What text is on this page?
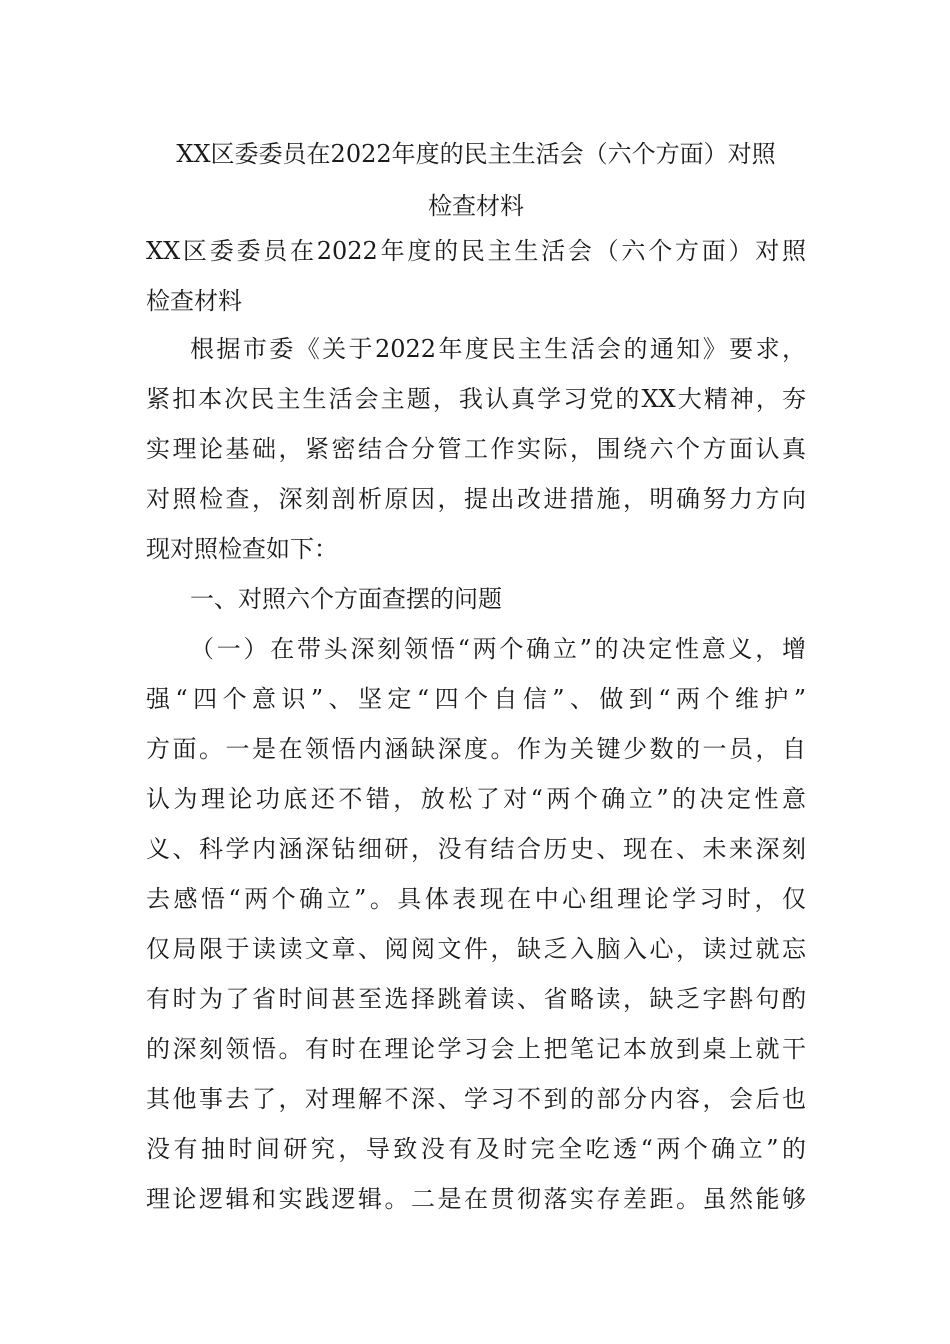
XX区委委员在2022年度的民主生活会（六个方面）对照
检查材料
XX区委委员在2022年度的民主生活会（六个方面）对照
检查材料
根据市委《关于2022年度民主生活会的通知》要求，
紧扣本次民主生活会主题，我认真学习党的XX大精神，夯
实理论基础，紧密结合分管工作实际，围绕六个方面认真
对照检查，深刻剖析原因，提出改进措施，明确努力方向
现对照检查如下：
一、对照六个方面查摆的问题
（一）在带头深刻领悟“两个确立”的决定性意义，增
强“四个意识”、坚定“四个自信”、做到“两个维护”
方面。一是在领悟内涵缺深度。作为关键少数的一员，自
认为理论功底还不错，放松了对“两个确立”的决定性意
义、科学内涵深钻细研，没有结合历史、现在、未来深刻
去感悟“两个确立”。具体表现在中心组理论学习时，仅
仅局限于读读文章、阅阅文件，缺乏入脑入心，读过就忘
有时为了省时间甚至选择跳着读、省略读，缺乏字斟句酌
的深刻领悟。有时在理论学习会上把笔记本放到桌上就干
其他事去了，对理解不深、学习不到的部分内容，会后也
没有抽时间研究，导致没有及时完全吃透“两个确立”的
理论逻辑和实践逻辑。二是在贯彻落实存差距。虽然能够
